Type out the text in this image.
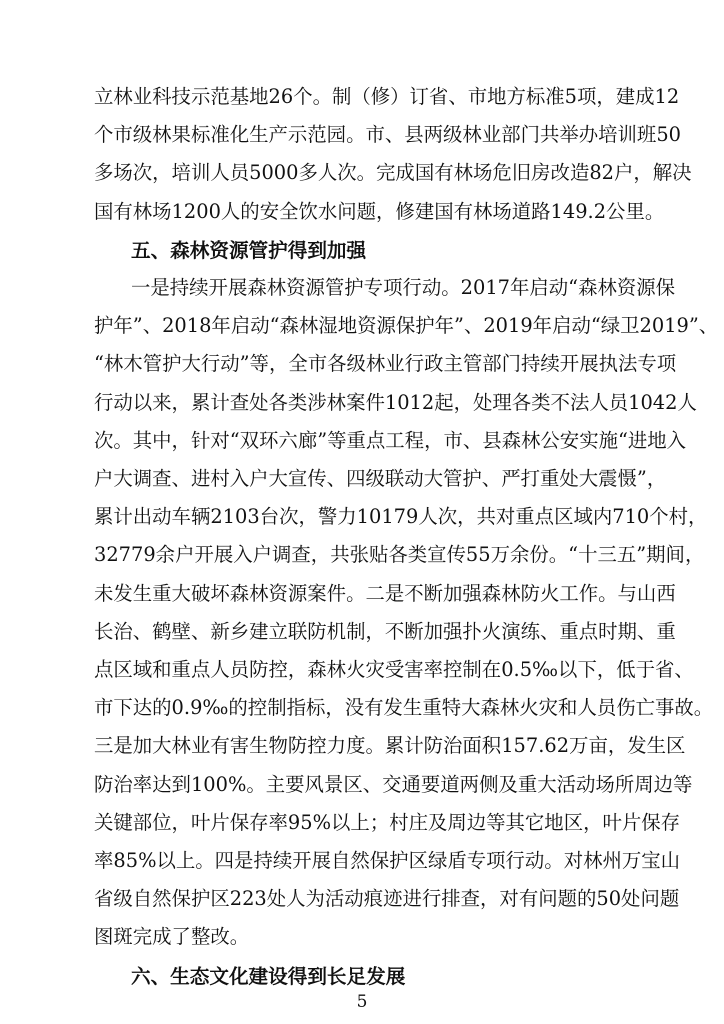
立林业科技示范基地26个。制（修）订省、市地方标准5项，建成12
个市级林果标准化生产示范园。市、县两级林业部门共举办培训班50
多场次，培训人员5000多人次。完成国有林场危旧房改造82户，解决
国有林场1200人的安全饮水问题，修建国有林场道路149.2公里。
五、森林资源管护得到加强
一是持续开展森林资源管护专项行动。2017年启动“森林资源保
护年”、2018年启动“森林湿地资源保护年”、2019年启动“绿卫2019”、
“林木管护大行动”等，全市各级林业行政主管部门持续开展执法专项
行动以来，累计查处各类涉林案件1012起，处理各类不法人员1042人
次。其中，针对“双环六廊”等重点工程，市、县森林公安实施“进地入
户大调查、进村入户大宣传、四级联动大管护、严打重处大震慑”，
累计出动车辆2103台次，警力10179人次，共对重点区域内710个村，
32779余户开展入户调查，共张贴各类宣传55万余份。“十三五”期间，
未发生重大破坏森林资源案件。二是不断加强森林防火工作。与山西
长治、鹤壁、新乡建立联防机制，不断加强扑火演练、重点时期、重
点区域和重点人员防控，森林火灾受害率控制在0.5‰以下，低于省、
市下达的0.9‰的控制指标，没有发生重特大森林火灾和人员伤亡事故。
三是加大林业有害生物防控力度。累计防治面积157.62万亩，发生区
防治率达到100%。主要风景区、交通要道两侧及重大活动场所周边等
关键部位，叶片保存率95%以上；村庄及周边等其它地区，叶片保存
率85%以上。四是持续开展自然保护区绿盾专项行动。对林州万宝山
省级自然保护区223处人为活动痕迹进行排查，对有问题的50处问题
图斑完成了整改。
六、生态文化建设得到长足发展
5
